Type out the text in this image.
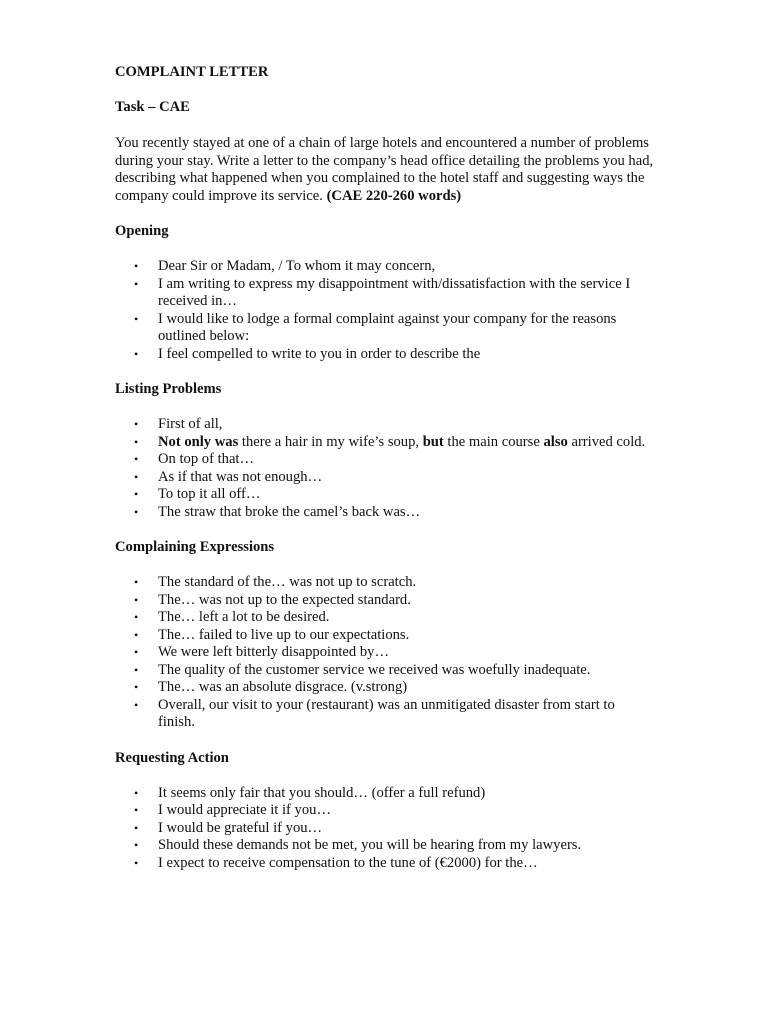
COMPLAINT LETTER
Task – CAE
You recently stayed at one of a chain of large hotels and encountered a number of problems during your stay. Write a letter to the company’s head office detailing the problems you had, describing what happened when you complained to the hotel staff and suggesting ways the company could improve its service. (CAE 220-260 words)
Opening
• Dear Sir or Madam, / To whom it may concern,
• I am writing to express my disappointment with/dissatisfaction with the service I received in…
• I would like to lodge a formal complaint against your company for the reasons outlined below:
• I feel compelled to write to you in order to describe the
Listing Problems
• First of all,
• Not only was there a hair in my wife’s soup, but the main course also arrived cold.
• On top of that…
• As if that was not enough…
• To top it all off…
• The straw that broke the camel’s back was…
Complaining Expressions
• The standard of the… was not up to scratch.
• The… was not up to the expected standard.
• The… left a lot to be desired.
• The… failed to live up to our expectations.
• We were left bitterly disappointed by…
• The quality of the customer service we received was woefully inadequate.
• The… was an absolute disgrace. (v.strong)
• Overall, our visit to your (restaurant) was an unmitigated disaster from start to finish.
Requesting Action
• It seems only fair that you should… (offer a full refund)
• I would appreciate it if you…
• I would be grateful if you…
• Should these demands not be met, you will be hearing from my lawyers.
• I expect to receive compensation to the tune of (€2000) for the…
